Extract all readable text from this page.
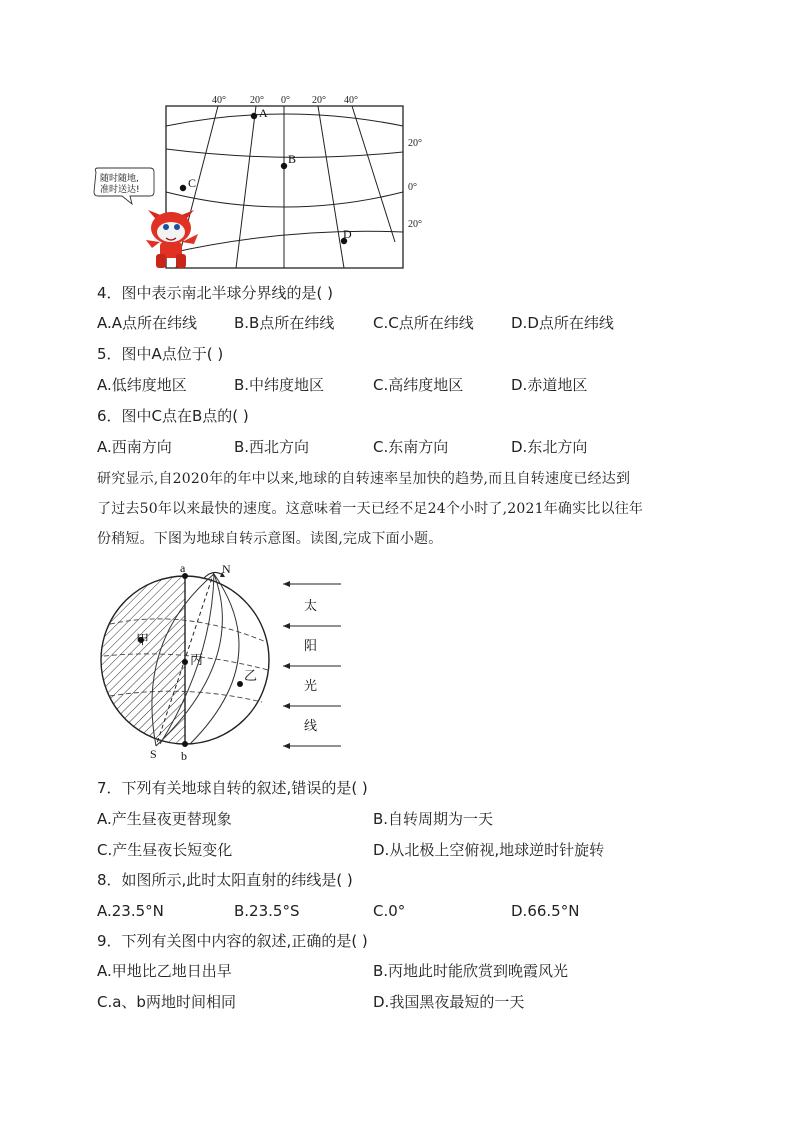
40° 20° 0° 20° 40°
20°
0°
20°
A
B
C
D
随时随地,
准时送达!
4．图中表示南北半球分界线的是( )
A.A点所在纬线 B.B点所在纬线	C.C点所在纬线 D.D点所在纬线
5．图中A点位于( )
A.低纬度地区	B.中纬度地区	C.高纬度地区	D.赤道地区
6．图中C点在B点的( )
A.西南方向	B.西北方向	C.东南方向	D.东北方向
研究显示,自2020年的年中以来,地球的自转速率呈加快的趋势,而且自转速度已经达到
了过去50年以来最快的速度。这意味着一天已经不足24个小时了,2021年确实比以往年
份稍短。下图为地球自转示意图。读图,完成下面小题。
a	N
b
S
甲
丙
乙
太
阳
光
线
7．下列有关地球自转的叙述,错误的是( )
A.产生昼夜更替现象	B.自转周期为一天
C.产生昼夜长短变化	D.从北极上空俯视,地球逆时针旋转
8．如图所示,此时太阳直射的纬线是( )
A.23.5°N	B.23.5°S	C.0°	D.66.5°N
9．下列有关图中内容的叙述,正确的是( )
A.甲地比乙地日出早	B.丙地此时能欣赏到晚霞风光
C.a、b两地时间相同	D.我国黑夜最短的一天
